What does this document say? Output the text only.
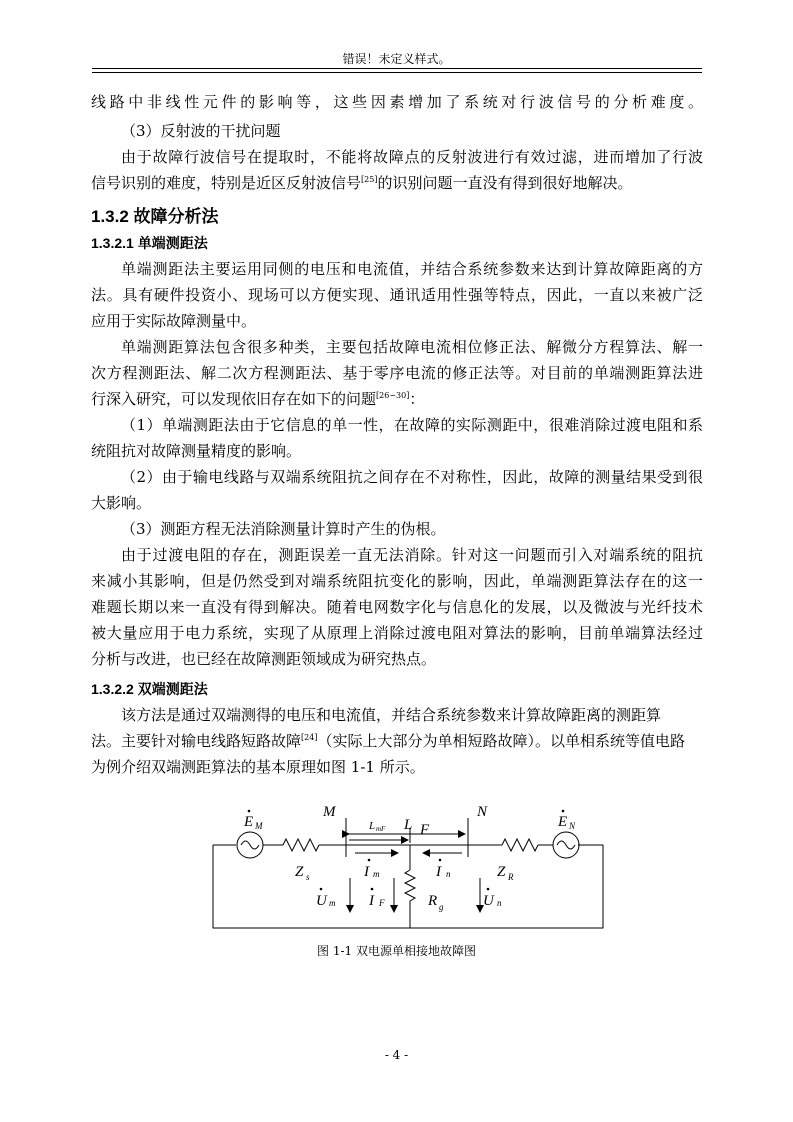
错误！未定义样式。
线路中非线性元件的影响等，这些因素增加了系统对行波信号的分析难度。
（3）反射波的干扰问题
由于故障行波信号在提取时，不能将故障点的反射波进行有效过滤，进而增加了行波
信号识别的难度，特别是近区反射波信号[25]的识别问题一直没有得到很好地解决。
1.3.2 故障分析法
1.3.2.1 单端测距法
单端测距法主要运用同侧的电压和电流值，并结合系统参数来达到计算故障距离的方
法。具有硬件投资小、现场可以方便实现、通讯适用性强等特点，因此，一直以来被广泛
应用于实际故障测量中。
单端测距算法包含很多种类，主要包括故障电流相位修正法、解微分方程算法、解一
次方程测距法、解二次方程测距法、基于零序电流的修正法等。对目前的单端测距算法进
行深入研究，可以发现依旧存在如下的问题[26~30]：
（1）单端测距法由于它信息的单一性，在故障的实际测距中，很难消除过渡电阻和系
统阻抗对故障测量精度的影响。
（2）由于输电线路与双端系统阻抗之间存在不对称性，因此，故障的测量结果受到很
大影响。
（3）测距方程无法消除测量计算时产生的伪根。
由于过渡电阻的存在，测距误差一直无法消除。针对这一问题而引入对端系统的阻抗
来减小其影响，但是仍然受到对端系统阻抗变化的影响，因此，单端测距算法存在的这一
难题长期以来一直没有得到解决。随着电网数字化与信息化的发展，以及微波与光纤技术
被大量应用于电力系统，实现了从原理上消除过渡电阻对算法的影响，目前单端算法经过
分析与改进，也已经在故障测距领域成为研究热点。
1.3.2.2 双端测距法
该方法是通过双端测得的电压和电流值，并结合系统参数来计算故障距离的测距算
法。主要针对输电线路短路故障[24]（实际上大部分为单相短路故障）。以单相系统等值电路
为例介绍双端测距算法的基本原理如图 1-1 所示。
L
M	N
F
E M	E N
L mF
Z s	Z R
I m	I n
I F
U m	U n
R g
图 1-1 双电源单相接地故障图
- 4 -
